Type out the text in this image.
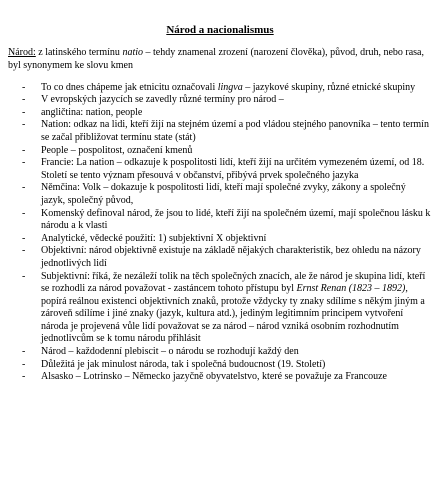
Národ a nacionalismus

Národ: z latinského termínu natio – tehdy znamenal zrození (narození člověka), původ, druh, nebo rasa, byl synonymem ke slovu kmen

- To co dnes chápeme jak etnicitu označovali lingva – jazykové skupiny, různé etnické skupiny
- V evropských jazycích se zavedly různé termíny pro národ –
- angličtina: nation, people
- Nation: odkaz na lidi, kteří žijí na stejném území a pod vládou stejného panovníka – tento termín se začal přibližovat termínu state (stát)
- People – pospolitost, označení kmenů
- Francie: La nation – odkazuje k pospolitosti lidí, kteří žijí na určitém vymezeném území, od 18. Století se tento význam přesouvá v občanství, přibývá prvek společného jazyka
- Němčina: Volk – dokazuje k pospolitosti lidí, kteří mají společné zvyky, zákony a společný jazyk, společný původ,
- Komenský definoval národ, že jsou to lidé, kteří žijí na společném území, mají společnou lásku k národu a k vlasti
- Analytické, vědecké použití: 1) subjektivní X objektivní
- Objektivní: národ objektivně existuje na základě nějakých charakteristik, bez ohledu na názory jednotlivých lidí
- Subjektivní: říká, že nezáleží tolik na těch společných znacích, ale že národ je skupina lidí, kteří se rozhodli za národ považovat - zastáncem tohoto přístupu byl Ernst Renan (1823 – 1892), popírá reálnou existenci objektivních znaků, protože vždycky ty znaky sdílíme s někým jiným a zároveň sdílíme i jiné znaky (jazyk, kultura atd.), jediným legitimním principem vytvoření národa je projevená vůle lidí považovat se za národ – národ vzniká osobním rozhodnutím jednotlivcům se k tomu národu přihlásit
- Národ – každodenní plebiscit – o národu se rozhodují každý den
- Důležitá je jak minulost národa, tak i společná budoucnost (19. Století)
- Alsasko – Lotrinsko – Německo jazyčně obyvatelstvo, které se považuje za Francouze
